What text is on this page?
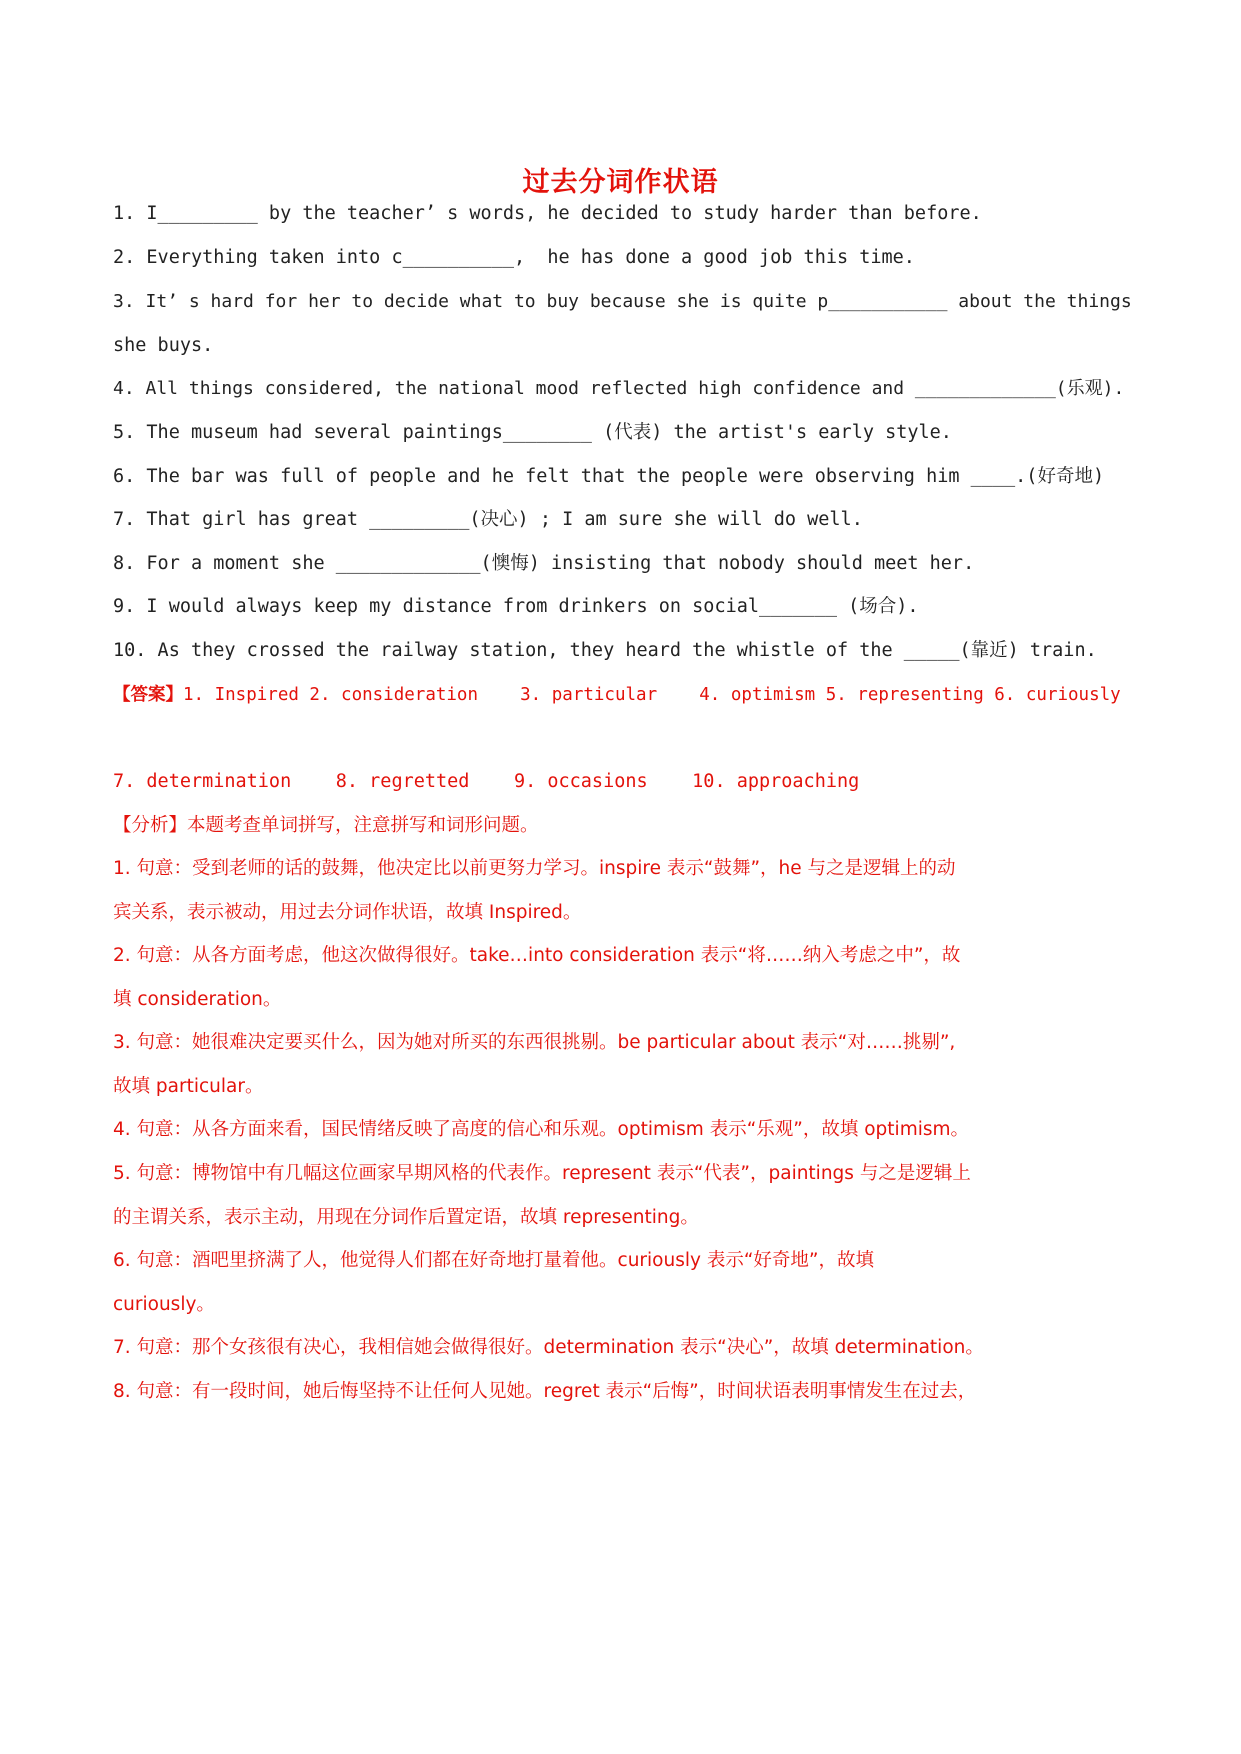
过去分词作状语
1. I_________ by the teacher’ s words, he decided to study harder than before.
2. Everything taken into c__________,  he has done a good job this time.
3. It’ s hard for her to decide what to buy because she is quite p___________ about the things
she buys.
4. All things considered, the national mood reflected high confidence and _____________(乐观).
5. The museum had several paintings________ (代表) the artist's early style.
6. The bar was full of people and he felt that the people were observing him ____.(好奇地)
7. That girl has great _________(决心) ; I am sure she will do well.
8. For a moment she _____________(懊悔) insisting that nobody should meet her.
9. I would always keep my distance from drinkers on social_______ (场合).
10. As they crossed the railway station, they heard the whistle of the _____(靠近) train.
【答案】1. Inspired 2. consideration    3. particular    4. optimism 5. representing 6. curiously
7. determination    8. regretted    9. occasions    10. approaching
【分析】本题考查单词拼写，注意拼写和词形问题。
1. 句意：受到老师的话的鼓舞，他决定比以前更努力学习。inspire 表示“鼓舞”，he 与之是逻辑上的动
宾关系，表示被动，用过去分词作状语，故填 Inspired。
2. 句意：从各方面考虑，他这次做得很好。take…into consideration 表示“将……纳入考虑之中”，故
填 consideration。
3. 句意：她很难决定要买什么，因为她对所买的东西很挑剔。be particular about 表示“对……挑剔”,
故填 particular。
4. 句意：从各方面来看，国民情绪反映了高度的信心和乐观。optimism 表示“乐观”，故填 optimism。
5. 句意：博物馆中有几幅这位画家早期风格的代表作。represent 表示“代表”，paintings 与之是逻辑上
的主谓关系，表示主动，用现在分词作后置定语，故填 representing。
6. 句意：酒吧里挤满了人，他觉得人们都在好奇地打量着他。curiously 表示“好奇地”，故填
curiously。
7. 句意：那个女孩很有决心，我相信她会做得很好。determination 表示“决心”，故填 determination。
8. 句意：有一段时间，她后悔坚持不让任何人见她。regret 表示“后悔”，时间状语表明事情发生在过去，
